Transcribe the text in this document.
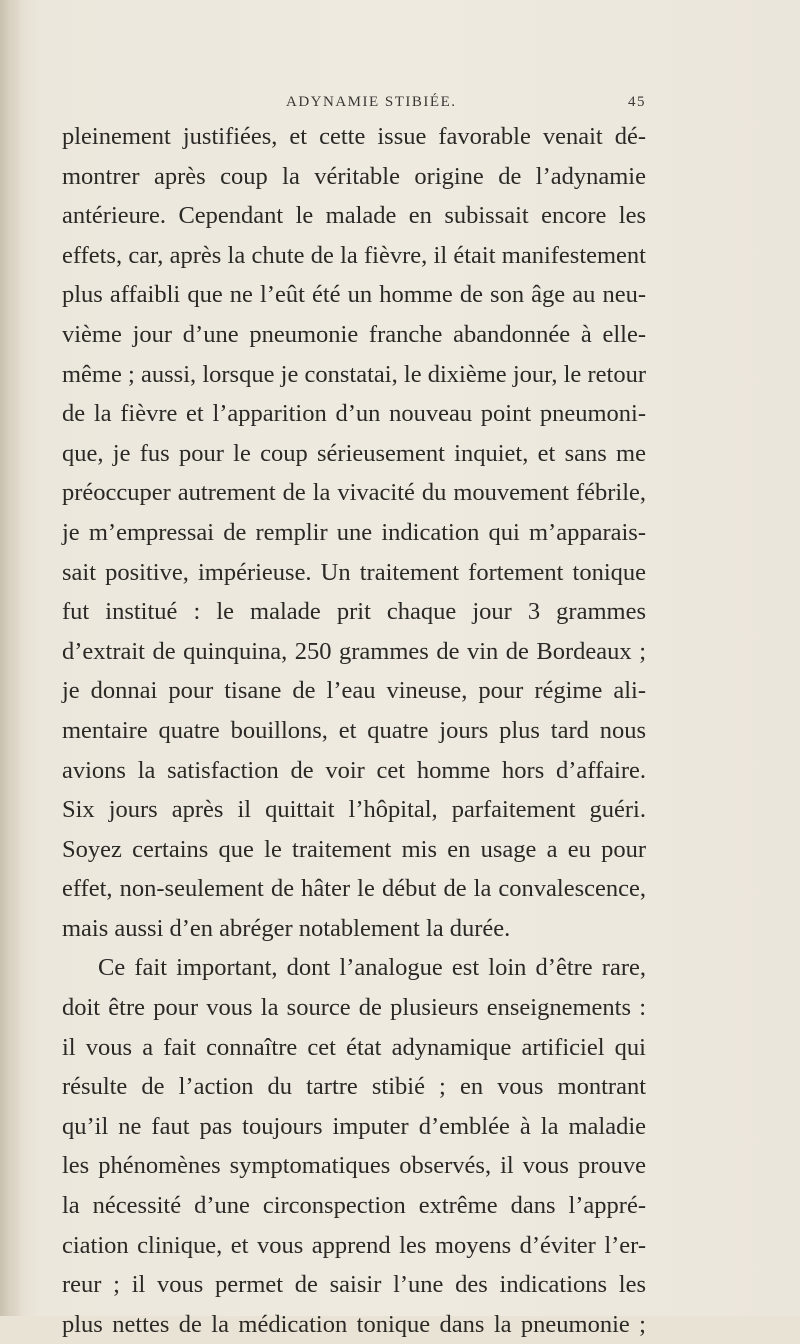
ADYNAMIE STIBIÉE.	45
pleinement justifiées, et cette issue favorable venait dé-
montrer après coup la véritable origine de l’adynamie
antérieure. Cependant le malade en subissait encore les
effets, car, après la chute de la fièvre, il était manifestement
plus affaibli que ne l’eût été un homme de son âge au neu-
vième jour d’une pneumonie franche abandonnée à elle-
même ; aussi, lorsque je constatai, le dixième jour, le retour
de la fièvre et l’apparition d’un nouveau point pneumoni-
que, je fus pour le coup sérieusement inquiet, et sans me
préoccuper autrement de la vivacité du mouvement fébrile,
je m’empressai de remplir une indication qui m’apparais-
sait positive, impérieuse. Un traitement fortement tonique
fut institué : le malade prit chaque jour 3 grammes
d’extrait de quinquina, 250 grammes de vin de Bordeaux ;
je donnai pour tisane de l’eau vineuse, pour régime ali-
mentaire quatre bouillons, et quatre jours plus tard nous
avions la satisfaction de voir cet homme hors d’affaire.
Six jours après il quittait l’hôpital, parfaitement guéri.
Soyez certains que le traitement mis en usage a eu pour
effet, non-seulement de hâter le début de la convalescence,
mais aussi d’en abréger notablement la durée.
Ce fait important, dont l’analogue est loin d’être rare,
doit être pour vous la source de plusieurs enseignements :
il vous a fait connaître cet état adynamique artificiel qui
résulte de l’action du tartre stibié ; en vous montrant
qu’il ne faut pas toujours imputer d’emblée à la maladie
les phénomènes symptomatiques observés, il vous prouve
la nécessité d’une circonspection extrême dans l’appré-
ciation clinique, et vous apprend les moyens d’éviter l’er-
reur ; il vous permet de saisir l’une des indications les
plus nettes de la médication tonique dans la pneumonie ;
